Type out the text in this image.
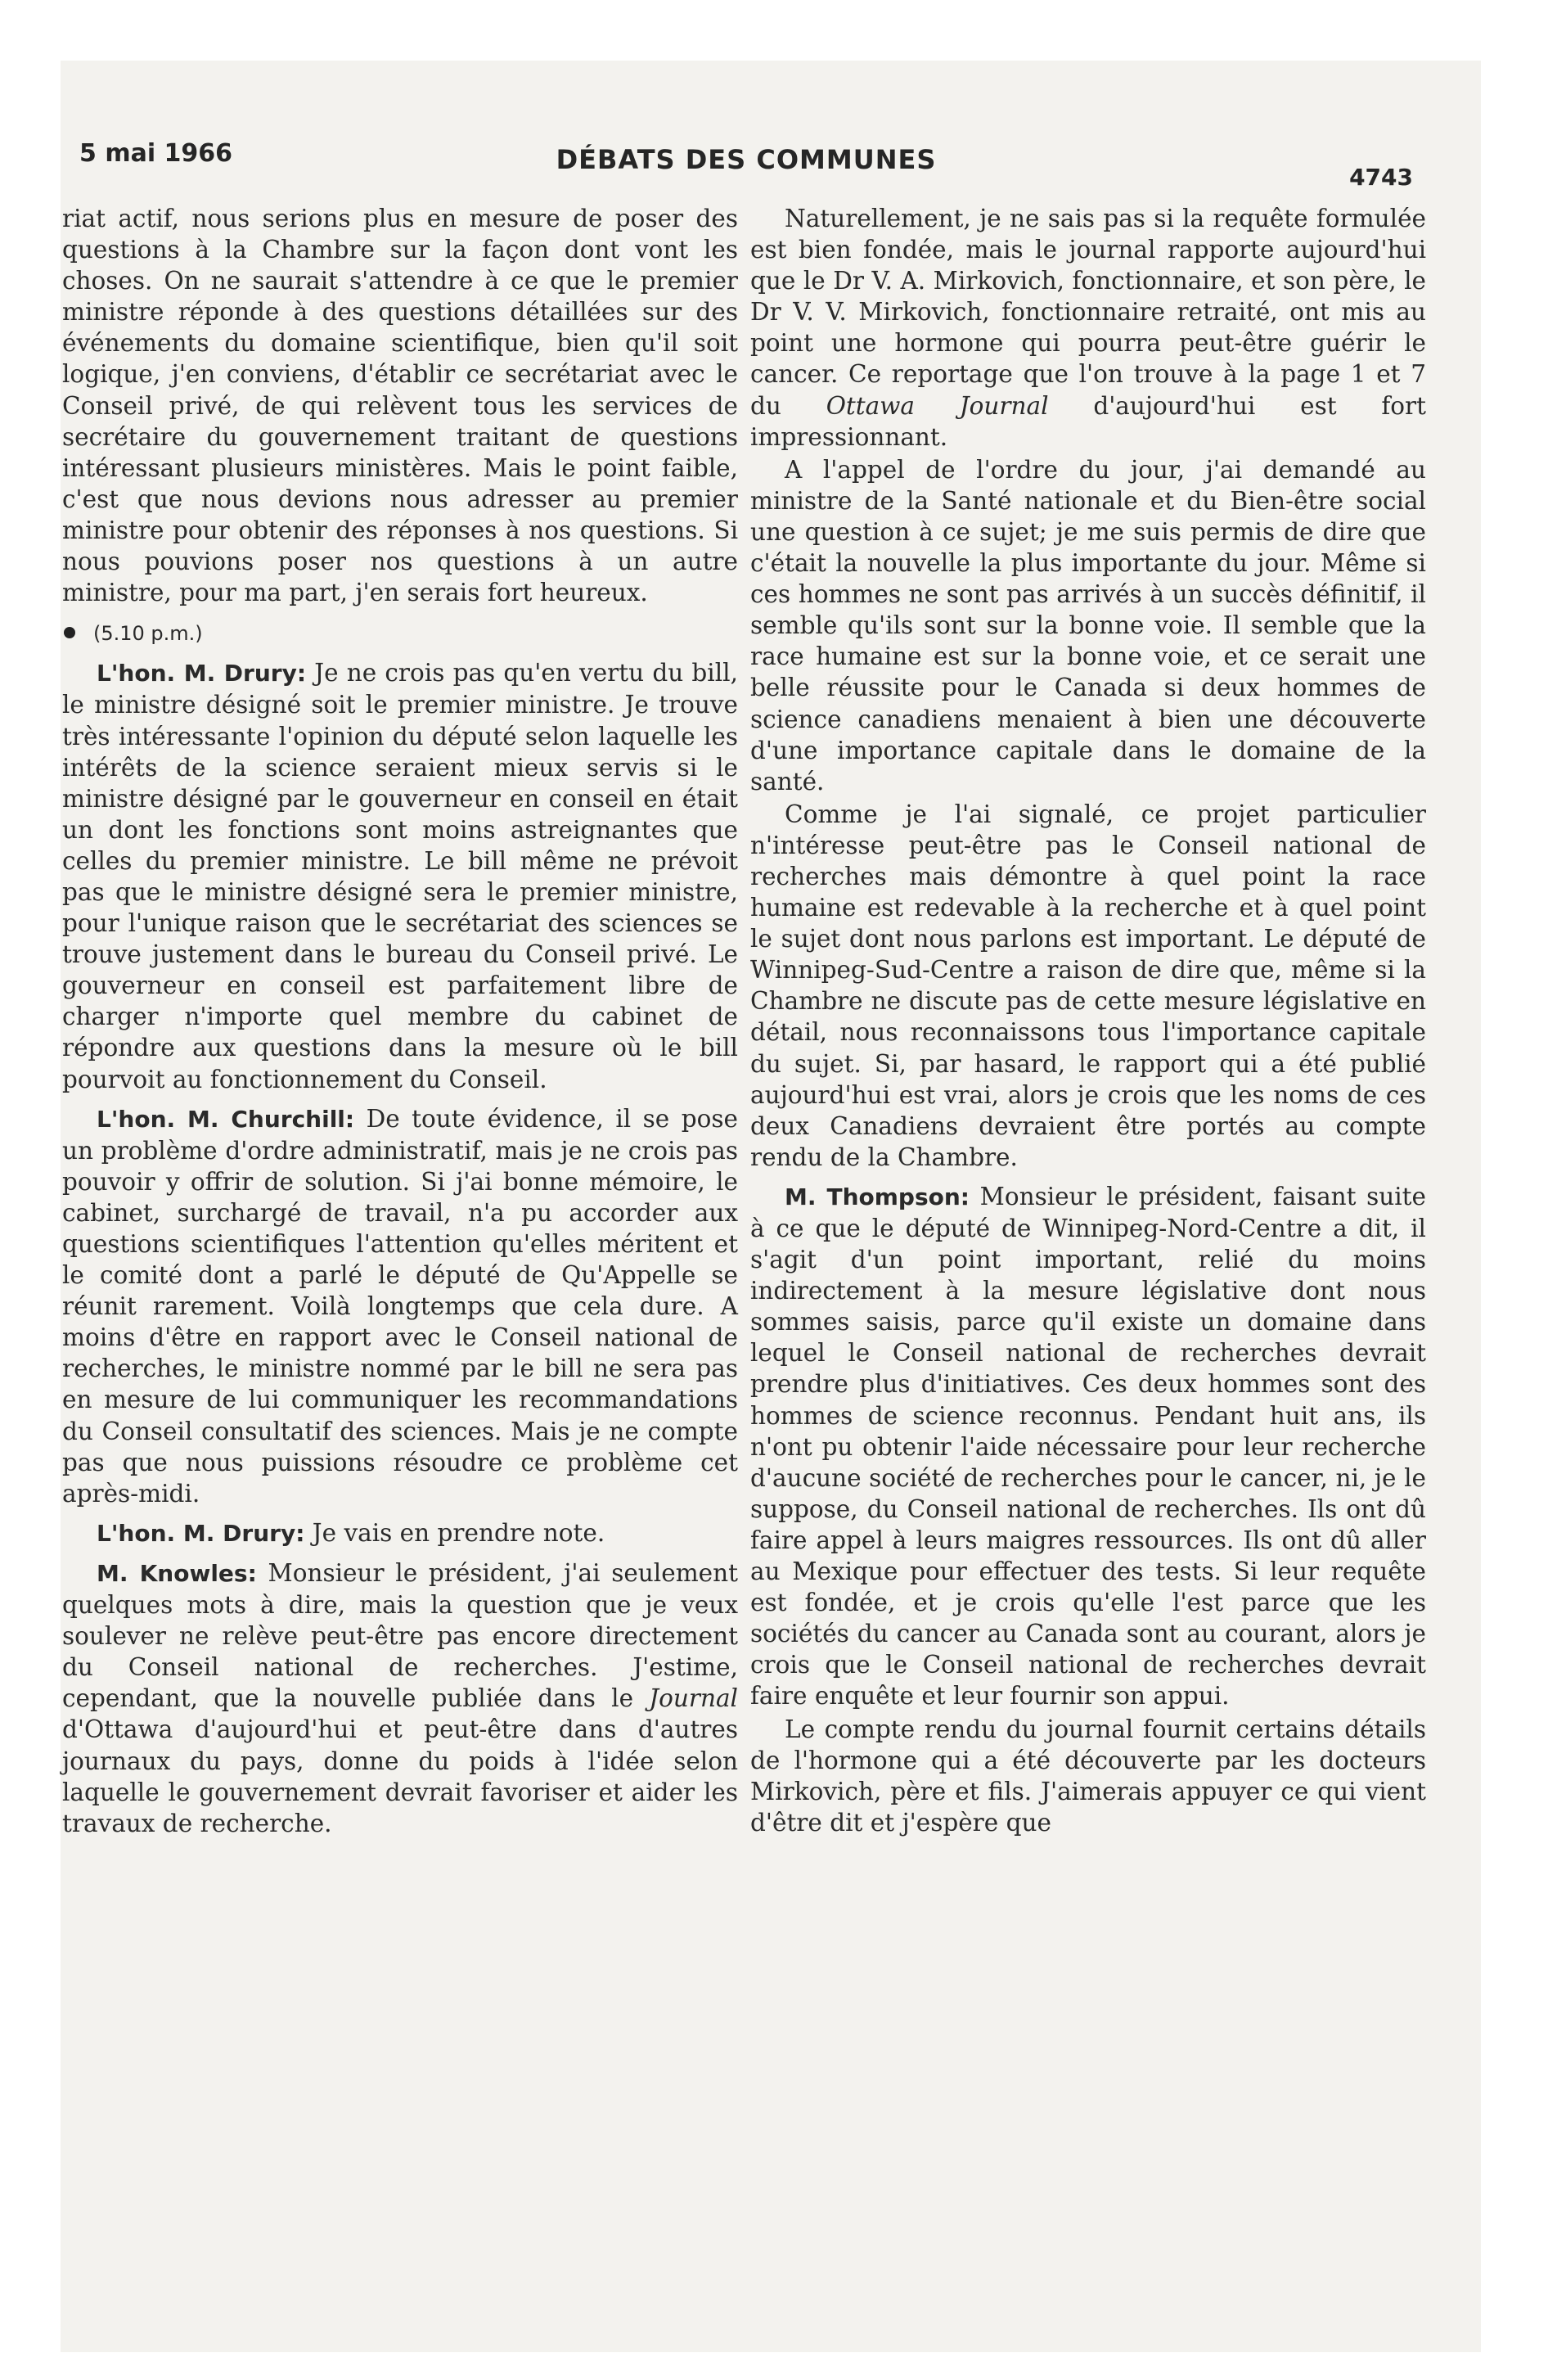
5 mai 1966	DÉBATS DES COMMUNES
4743

riat actif, nous serions plus en mesure de poser des questions à la Chambre sur la façon dont vont les choses. On ne saurait s'attendre à ce que le premier ministre réponde à des questions détaillées sur des événements du domaine scientifique, bien qu'il soit logique, j'en conviens, d'établir ce secrétariat avec le Conseil privé, de qui relèvent tous les services de secrétaire du gouvernement traitant de questions intéressant plusieurs ministères. Mais le point faible, c'est que nous devions nous adresser au premier ministre pour obtenir des réponses à nos questions. Si nous pouvions poser nos questions à un autre ministre, pour ma part, j'en serais fort heureux.

(5.10 p.m.)

L'hon. M. Drury: Je ne crois pas qu'en vertu du bill, le ministre désigné soit le premier ministre. Je trouve très intéressante l'opinion du député selon laquelle les intérêts de la science seraient mieux servis si le ministre désigné par le gouverneur en conseil en était un dont les fonctions sont moins astreignantes que celles du premier ministre. Le bill même ne prévoit pas que le ministre désigné sera le premier ministre, pour l'unique raison que le secrétariat des sciences se trouve justement dans le bureau du Conseil privé. Le gouverneur en conseil est parfaitement libre de charger n'importe quel membre du cabinet de répondre aux questions dans la mesure où le bill pourvoit au fonctionnement du Conseil.

L'hon. M. Churchill: De toute évidence, il se pose un problème d'ordre administratif, mais je ne crois pas pouvoir y offrir de solution. Si j'ai bonne mémoire, le cabinet, surchargé de travail, n'a pu accorder aux questions scientifiques l'attention qu'elles méritent et le comité dont a parlé le député de Qu'Appelle se réunit rarement. Voilà longtemps que cela dure. A moins d'être en rapport avec le Conseil national de recherches, le ministre nommé par le bill ne sera pas en mesure de lui communiquer les recommandations du Conseil consultatif des sciences. Mais je ne compte pas que nous puissions résoudre ce problème cet après-midi.

L'hon. M. Drury: Je vais en prendre note.

M. Knowles: Monsieur le président, j'ai seulement quelques mots à dire, mais la question que je veux soulever ne relève peut-être pas encore directement du Conseil national de recherches. J'estime, cependant, que la nouvelle publiée dans le Journal d'Ottawa d'aujourd'hui et peut-être dans d'autres journaux du pays, donne du poids à l'idée selon laquelle le gouvernement devrait favoriser et aider les travaux de recherche.

Naturellement, je ne sais pas si la requête formulée est bien fondée, mais le journal rapporte aujourd'hui que le Dr V. A. Mirkovich, fonctionnaire, et son père, le Dr V. V. Mirkovich, fonctionnaire retraité, ont mis au point une hormone qui pourra peut-être guérir le cancer. Ce reportage que l'on trouve à la page 1 et 7 du Ottawa Journal d'aujourd'hui est fort impressionnant.

A l'appel de l'ordre du jour, j'ai demandé au ministre de la Santé nationale et du Bien-être social une question à ce sujet; je me suis permis de dire que c'était la nouvelle la plus importante du jour. Même si ces hommes ne sont pas arrivés à un succès définitif, il semble qu'ils sont sur la bonne voie. Il semble que la race humaine est sur la bonne voie, et ce serait une belle réussite pour le Canada si deux hommes de science canadiens menaient à bien une découverte d'une importance capitale dans le domaine de la santé.

Comme je l'ai signalé, ce projet particulier n'intéresse peut-être pas le Conseil national de recherches mais démontre à quel point la race humaine est redevable à la recherche et à quel point le sujet dont nous parlons est important. Le député de Winnipeg-Sud-Centre a raison de dire que, même si la Chambre ne discute pas de cette mesure législative en détail, nous reconnaissons tous l'importance capitale du sujet. Si, par hasard, le rapport qui a été publié aujourd'hui est vrai, alors je crois que les noms de ces deux Canadiens devraient être portés au compte rendu de la Chambre.

M. Thompson: Monsieur le président, faisant suite à ce que le député de Winnipeg-Nord-Centre a dit, il s'agit d'un point important, relié du moins indirectement à la mesure législative dont nous sommes saisis, parce qu'il existe un domaine dans lequel le Conseil national de recherches devrait prendre plus d'initiatives. Ces deux hommes sont des hommes de science reconnus. Pendant huit ans, ils n'ont pu obtenir l'aide nécessaire pour leur recherche d'aucune société de recherches pour le cancer, ni, je le suppose, du Conseil national de recherches. Ils ont dû faire appel à leurs maigres ressources. Ils ont dû aller au Mexique pour effectuer des tests. Si leur requête est fondée, et je crois qu'elle l'est parce que les sociétés du cancer au Canada sont au courant, alors je crois que le Conseil national de recherches devrait faire enquête et leur fournir son appui.

Le compte rendu du journal fournit certains détails de l'hormone qui a été découverte par les docteurs Mirkovich, père et fils. J'aimerais appuyer ce qui vient d'être dit et j'espère que
